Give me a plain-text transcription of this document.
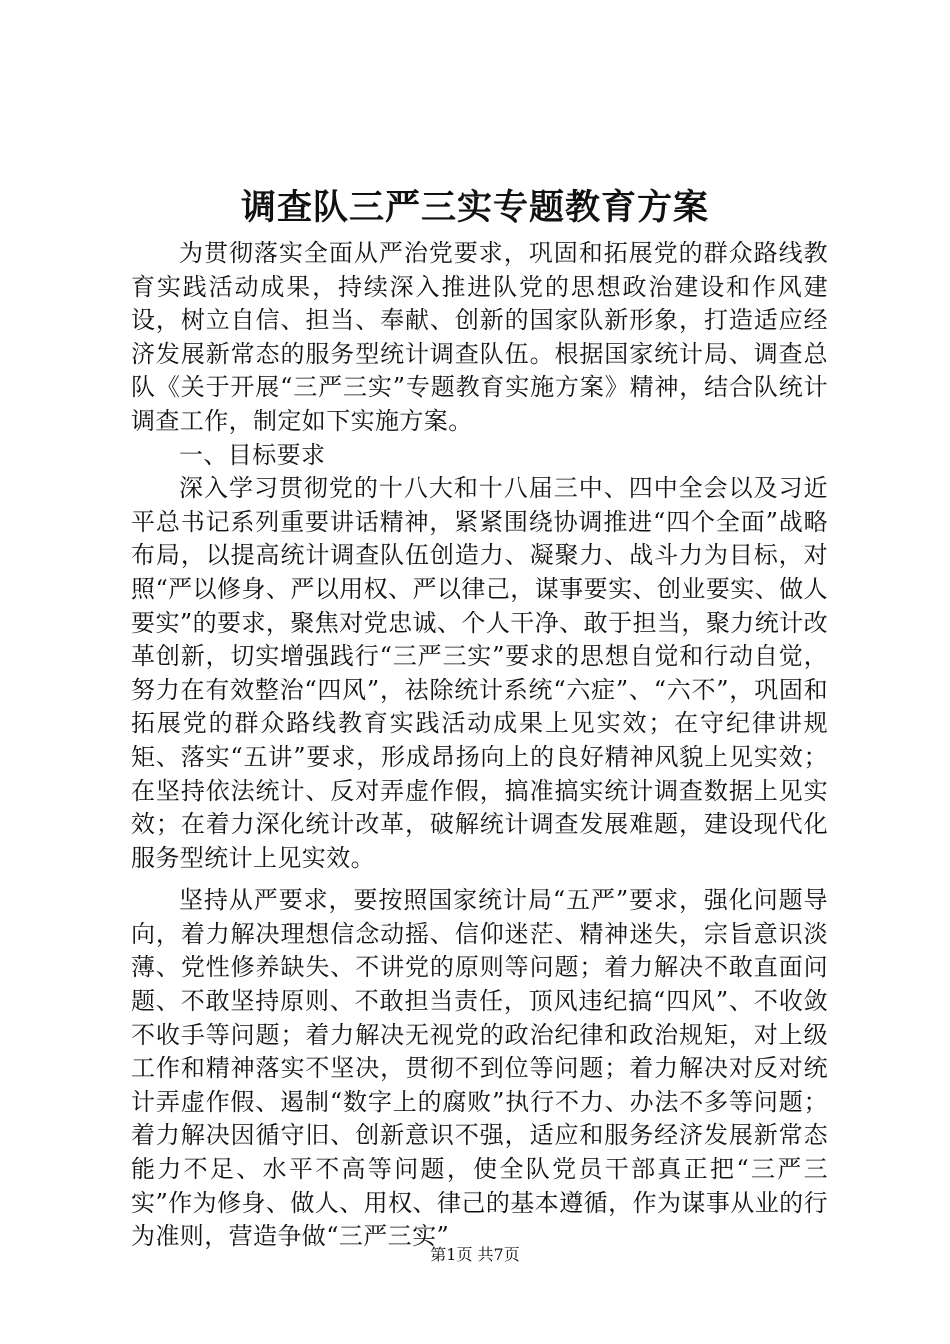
调查队三严三实专题教育方案

为贯彻落实全面从严治党要求，巩固和拓展党的群众路线教育实践活动成果，持续深入推进队党的思想政治建设和作风建设，树立自信、担当、奉献、创新的国家队新形象，打造适应经济发展新常态的服务型统计调查队伍。根据国家统计局、调查总队《关于开展“三严三实”专题教育实施方案》精神，结合队统计调查工作，制定如下实施方案。

一、目标要求

深入学习贯彻党的十八大和十八届三中、四中全会以及习近平总书记系列重要讲话精神，紧紧围绕协调推进“四个全面”战略布局，以提高统计调查队伍创造力、凝聚力、战斗力为目标，对照“严以修身、严以用权、严以律己，谋事要实、创业要实、做人要实”的要求，聚焦对党忠诚、个人干净、敢于担当，聚力统计改革创新，切实增强践行“三严三实”要求的思想自觉和行动自觉，努力在有效整治“四风”，祛除统计系统“六症”、“六不”，巩固和拓展党的群众路线教育实践活动成果上见实效；在守纪律讲规矩、落实“五讲”要求，形成昂扬向上的良好精神风貌上见实效；在坚持依法统计、反对弄虚作假，搞准搞实统计调查数据上见实效；在着力深化统计改革，破解统计调查发展难题，建设现代化服务型统计上见实效。

坚持从严要求，要按照国家统计局“五严”要求，强化问题导向，着力解决理想信念动摇、信仰迷茫、精神迷失，宗旨意识淡薄、党性修养缺失、不讲党的原则等问题；着力解决不敢直面问题、不敢坚持原则、不敢担当责任，顶风违纪搞“四风”、不收敛不收手等问题；着力解决无视党的政治纪律和政治规矩，对上级工作和精神落实不坚决，贯彻不到位等问题；着力解决对反对统计弄虚作假、遏制“数字上的腐败”执行不力、办法不多等问题；着力解决因循守旧、创新意识不强，适应和服务经济发展新常态能力不足、水平不高等问题，使全队党员干部真正把“三严三实”作为修身、做人、用权、律己的基本遵循，作为谋事从业的行为准则，营造争做“三严三实”

第1页 共7页
